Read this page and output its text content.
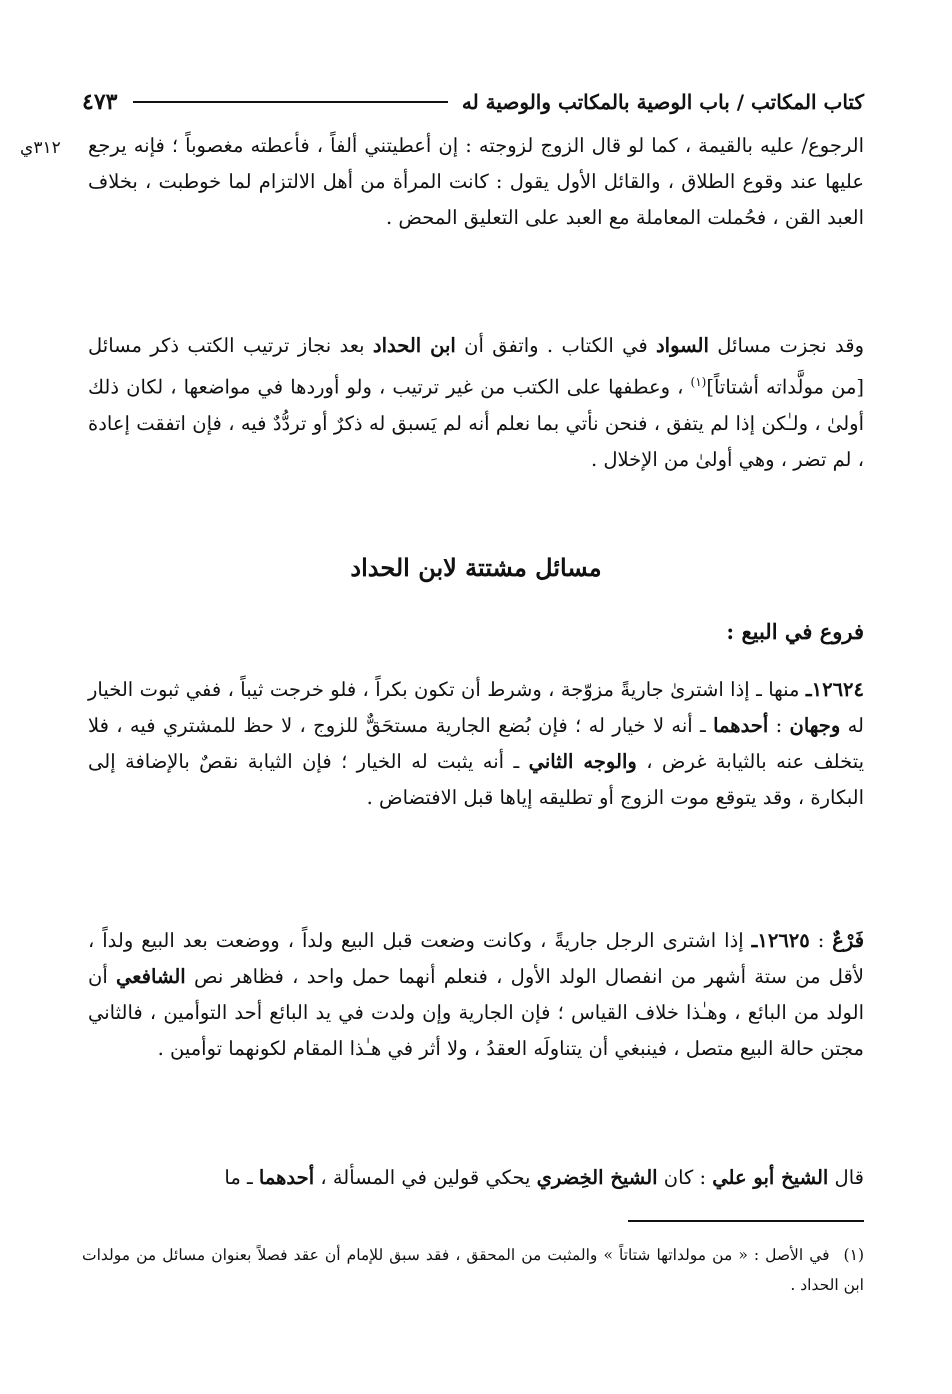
كتاب المكاتب / باب الوصية بالمكاتب والوصية له
٤٧٣
٣١٢ي	الرجوع/ عليه بالقيمة ، كما لو قال الزوج لزوجته : إن أعطيتني ألفاً ، فأعطته مغصوباً ؛ فإنه يرجع عليها عند وقوع الطلاق ، والقائل الأول يقول : كانت المرأة من أهل الالتزام لما خوطبت ، بخلاف العبد القن ، فحُملت المعاملة مع العبد على التعليق المحض .
وقد نجزت مسائل السواد في الكتاب . واتفق أن ابن الحداد بعد نجاز ترتيب الكتب ذكر مسائل [من مولَّداته أشتاتاً]$^{(١)}$ ، وعطفها على الكتب من غير ترتيب ، ولو أوردها في مواضعها ، لكان ذلك أولىٰ ، ولـٰكن إذا لم يتفق ، فنحن نأتي بما نعلم أنه لم يَسبق له ذكرٌ أو تردُّدٌ فيه ، فإن اتفقت إعادة ، لم تضر ، وهي أولىٰ من الإخلال .
مسائل مشتتة لابن الحداد
فروع في البيع :
١٢٦٢٤ـ منها ـ إذا اشترىٰ جاريةً مزوّجة ، وشرط أن تكون بكراً ، فلو خرجت ثيباً ، ففي ثبوت الخيار له وجهان : أحدهما ـ أنه لا خيار له ؛ فإن بُضع الجارية مستحَقٌّ للزوج ، لا حظ للمشتري فيه ، فلا يتخلف عنه بالثيابة غرض ، والوجه الثاني ـ أنه يثبت له الخيار ؛ فإن الثيابة نقصٌ بالإضافة إلى البكارة ، وقد يتوقع موت الزوج أو تطليقه إياها قبل الافتضاض .
فَرْعٌ : ١٢٦٢٥ـ إذا اشترى الرجل جاريةً ، وكانت وضعت قبل البيع ولداً ، ووضعت بعد البيع ولداً ، لأقل من ستة أشهر من انفصال الولد الأول ، فنعلم أنهما حمل واحد ، فظاهر نص الشافعي أن الولد من البائع ، وهـٰذا خلاف القياس ؛ فإن الجارية وإن ولدت في يد البائع أحد التوأمين ، فالثاني مجتن حالة البيع متصل ، فينبغي أن يتناولَه العقدُ ، ولا أثر في هـٰذا المقام لكونهما توأمين .
قال الشيخ أبو علي : كان الشيخ الخِضري يحكي قولين في المسألة ، أحدهما ـ ما
(١)في الأصل : « من مولداتها شتاتاً » والمثبت من المحقق ، فقد سبق للإمام أن عقد فصلاً بعنوان مسائل من مولدات ابن الحداد .
